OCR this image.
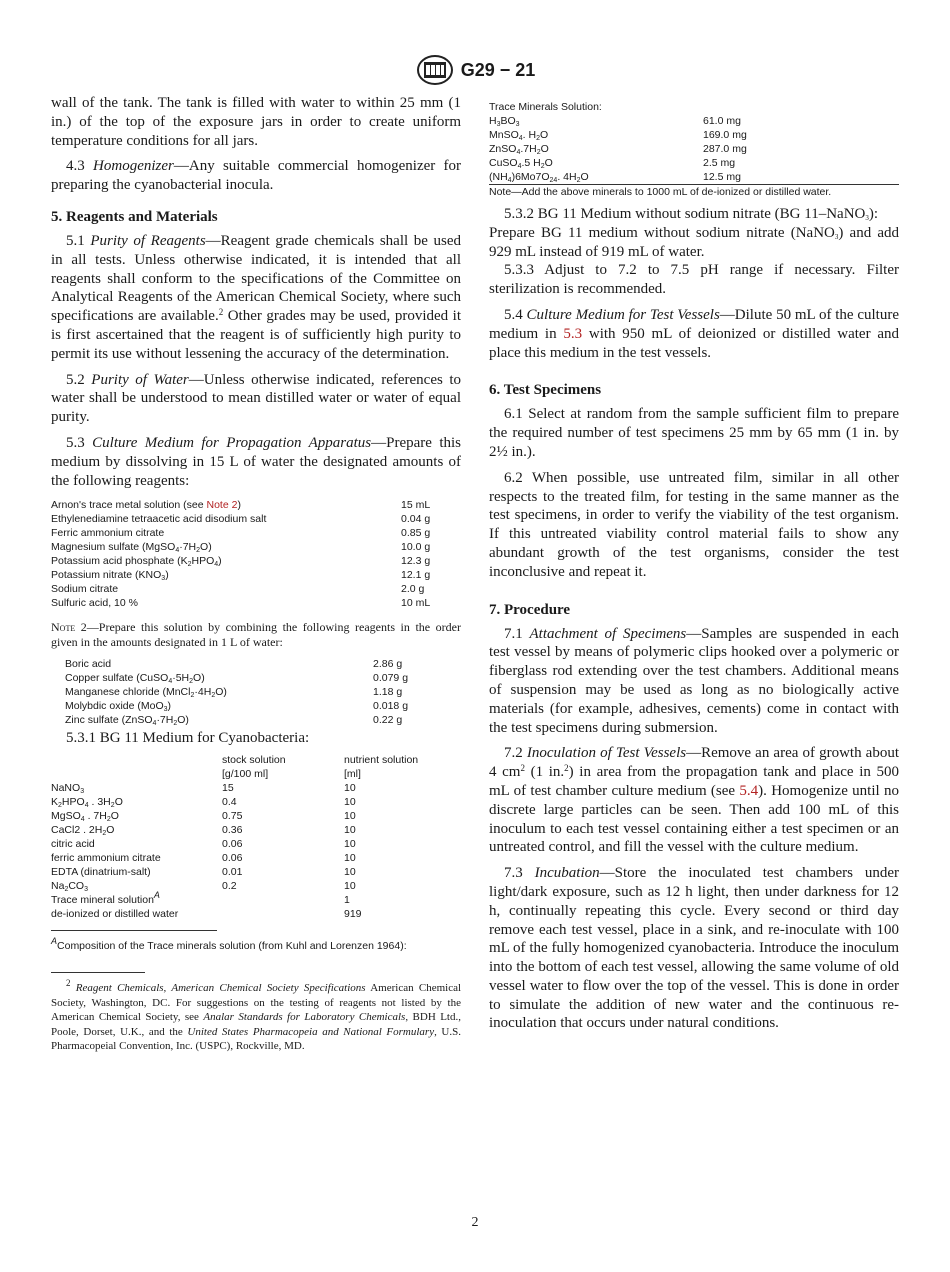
G29 − 21

wall of the tank. The tank is filled with water to within 25 mm (1 in.) of the top of the exposure jars in order to create uniform temperature conditions for all jars.

4.3 Homogenizer—Any suitable commercial homogenizer for preparing the cyanobacterial inocula.

5. Reagents and Materials

5.1 Purity of Reagents—Reagent grade chemicals shall be used in all tests. Unless otherwise indicated, it is intended that all reagents shall conform to the specifications of the Committee on Analytical Reagents of the American Chemical Society, where such specifications are available.$^2$ Other grades may be used, provided it is first ascertained that the reagent is of sufficiently high purity to permit its use without lessening the accuracy of the determination.

5.2 Purity of Water—Unless otherwise indicated, references to water shall be understood to mean distilled water or water of equal purity.

5.3 Culture Medium for Propagation Apparatus—Prepare this medium by dissolving in 15 L of water the designated amounts of the following reagents:

Arnon's trace metal solution (see Note 2)	15 mL
Ethylenediamine tetraacetic acid disodium salt	0.04 g
Ferric ammonium citrate	0.85 g
Magnesium sulfate $(MgSO_4\cdot 7H_2O)$	10.0 g
Potassium acid phosphate $(K_2HPO_4)$	12.3 g
Potassium nitrate $(KNO_3)$	12.1 g
Sodium citrate	2.0 g
Sulfuric acid, 10 %	10 mL
Note 2—Prepare this solution by combining the following reagents in the order given in the amounts designated in 1 L of water:
Boric acid	2.86 g
Copper sulfate $(CuSO_4\cdot 5H_2O)$	0.079 g
Manganese chloride $(MnCl_2\cdot 4H_2O)$	1.18 g
Molybdic oxide (MoO$_3$)	0.018 g
Zinc sulfate $(ZnSO_4\cdot 7H_2O)$	0.22 g

5.3.1 BG 11 Medium for Cyanobacteria:

	stock solution	nutrient solution
	[g/100 ml]	[ml]
NaNO$_3$	15	10
$K_2HPO_4$ . $3H_2O$	0.4	10
MgSO$_4$ . $7H_2O$	0.75	10
CaCl2 . $2H_2O$	0.36	10
citric acid	0.06	10
ferric ammonium citrate	0.06	10
EDTA (dinatrium-salt)	0.01	10
$Na_2CO_3$	0.2	10
Trace mineral solution$^A$		1
de-ionized or distilled water		919
$^A$Composition of the Trace minerals solution (from Kuhl and Lorenzen 1964):
$^2$ Reagent Chemicals, American Chemical Society Specifications American Chemical Society, Washington, DC. For suggestions on the testing of reagents not listed by the American Chemical Society, see Analar Standards for Laboratory Chemicals, BDH Ltd., Poole, Dorset, U.K., and the United States Pharmacopeia and National Formulary, U.S. Pharmacopeial Convention, Inc. (USPC), Rockville, MD.
Trace Minerals Solution:
$H_3BO_3$	61.0 mg
MnSO$_4$. $H_2O$	169.0 mg
$ZnSO_4.7H_2O$	287.0 mg
CuSO$_4$.5 $H_2O$	2.5 mg
$(NH_4)6Mo7O_{24}$. $4H_2O$	12.5 mg
Note—Add the above minerals to 1000 mL of de-ionized or distilled water.

5.3.2 BG 11 Medium without sodium nitrate (BG 11–NaNO$_3$):

Prepare BG 11 medium without sodium nitrate (NaNO$_3$) and add 929 mL instead of 919 mL of water.

5.3.3 Adjust to 7.2 to 7.5 pH range if necessary. Filter sterilization is recommended.

5.4 Culture Medium for Test Vessels—Dilute 50 mL of the culture medium in 5.3 with 950 mL of deionized or distilled water and place this medium in the test vessels.

6. Test Specimens

6.1 Select at random from the sample sufficient film to prepare the required number of test specimens 25 mm by 65 mm (1 in. by 2½ in.).

6.2 When possible, use untreated film, similar in all other respects to the treated film, for testing in the same manner as the test specimens, in order to verify the viability of the test organism. If this untreated viability control material fails to show any abundant growth of the test organisms, consider the test inconclusive and repeat it.

7. Procedure

7.1 Attachment of Specimens—Samples are suspended in each test vessel by means of polymeric clips hooked over a polymeric or fiberglass rod extending over the test chambers. Additional means of suspension may be used as long as no biologically active materials (for example, adhesives, cements) come in contact with the test specimens during submersion.

7.2 Inoculation of Test Vessels—Remove an area of growth about 4 $cm^2$ (1 in.$^2$) in area from the propagation tank and place in 500 mL of test chamber culture medium (see 5.4). Homogenize until no discrete large particles can be seen. Then add 100 mL of this inoculum to each test vessel containing either a test specimen or an untreated control, and fill the vessel with the culture medium.

7.3 Incubation—Store the inoculated test chambers under light/dark exposure, such as 12 h light, then under darkness for 12 h, continually repeating this cycle. Every second or third day remove each test vessel, place in a sink, and re-inoculate with 100 mL of the fully homogenized cyanobacteria. Introduce the inoculum into the bottom of each test vessel, allowing the same volume of old vessel water to flow over the top of the vessel. This is done in order to simulate the addition of new water and the continuous re-inoculation that occurs under natural conditions.

2
